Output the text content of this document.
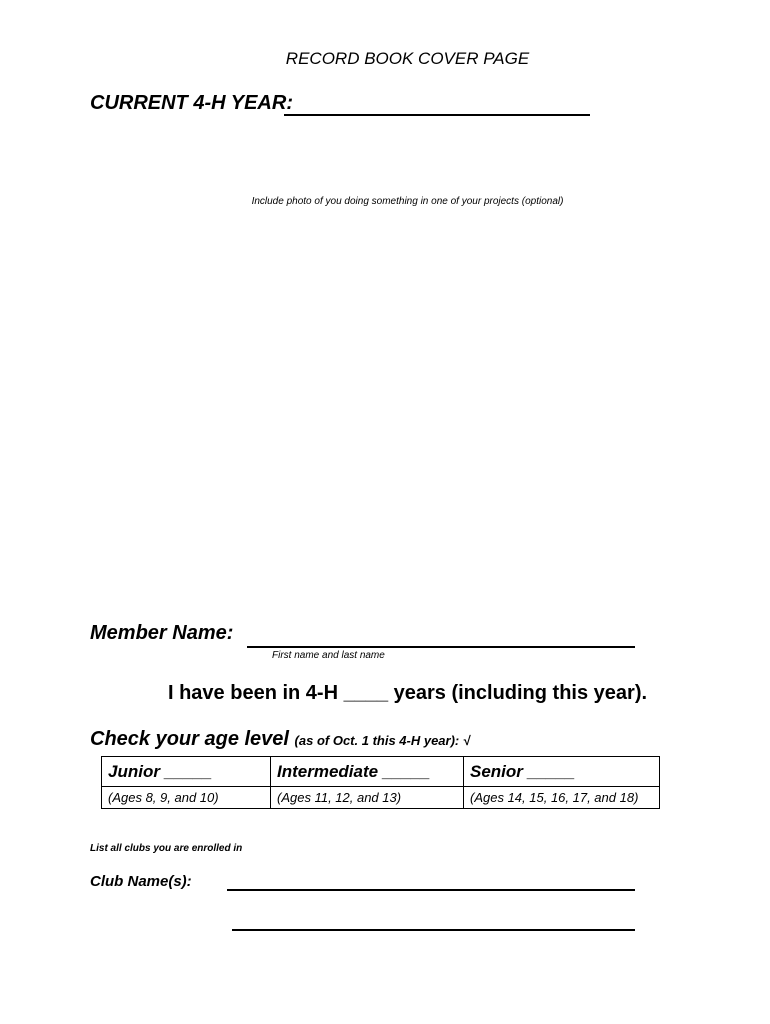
RECORD BOOK COVER PAGE
CURRENT 4-H YEAR:
Include photo of you doing something in one of your projects (optional)
Member Name:
First name and last name
I have been in 4-H ____ years (including this year).
Check your age level (as of Oct. 1 this 4-H year): √
Junior _____	Intermediate _____	Senior _____
(Ages 8, 9, and 10)	(Ages 11, 12, and 13)	(Ages 14, 15, 16, 17, and 18)
List all clubs you are enrolled in
Club Name(s):
